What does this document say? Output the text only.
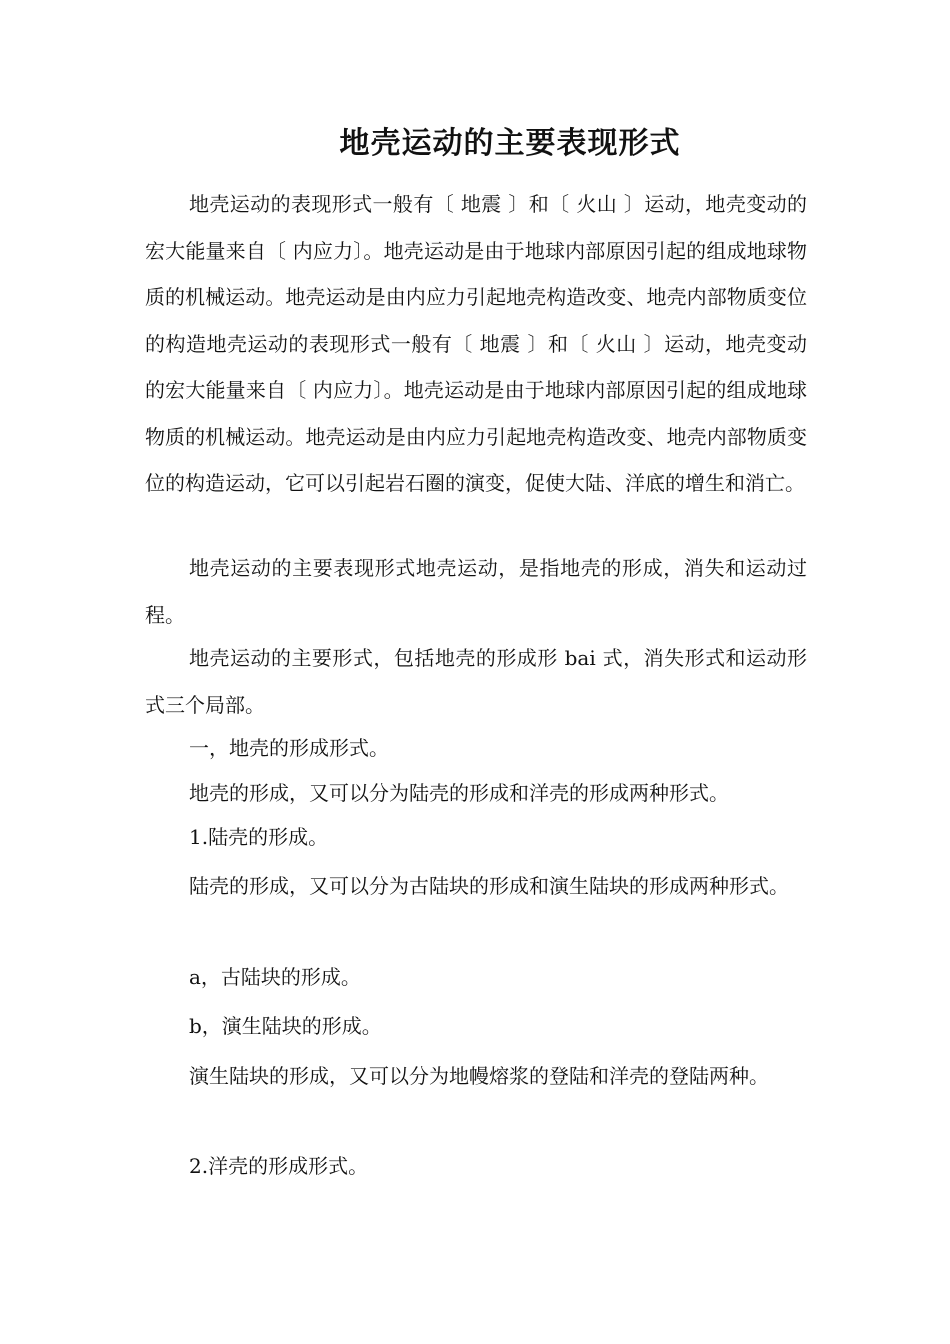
地壳运动的主要表现形式

地壳运动的表现形式一般有〔 地震 〕和〔 火山 〕运动，地壳变动的宏大能量来自〔 内应力〕。地壳运动是由于地球内部原因引起的组成地球物质的机械运动。地壳运动是由内应力引起地壳构造改变、地壳内部物质变位的构造地壳运动的表现形式一般有〔 地震 〕和〔 火山 〕运动，地壳变动的宏大能量来自〔 内应力〕。地壳运动是由于地球内部原因引起的组成地球物质的机械运动。地壳运动是由内应力引起地壳构造改变、地壳内部物质变位的构造运动，它可以引起岩石圈的演变，促使大陆、洋底的增生和消亡。

地壳运动的主要表现形式地壳运动，是指地壳的形成，消失和运动过程。

地壳运动的主要形式，包括地壳的形成形 bai 式，消失形式和运动形式三个局部。

一，地壳的形成形式。

地壳的形成，又可以分为陆壳的形成和洋壳的形成两种形式。

1.陆壳的形成。

陆壳的形成，又可以分为古陆块的形成和演生陆块的形成两种形式。

a，古陆块的形成。

b，演生陆块的形成。

演生陆块的形成，又可以分为地幔熔浆的登陆和洋壳的登陆两种。

2.洋壳的形成形式。
